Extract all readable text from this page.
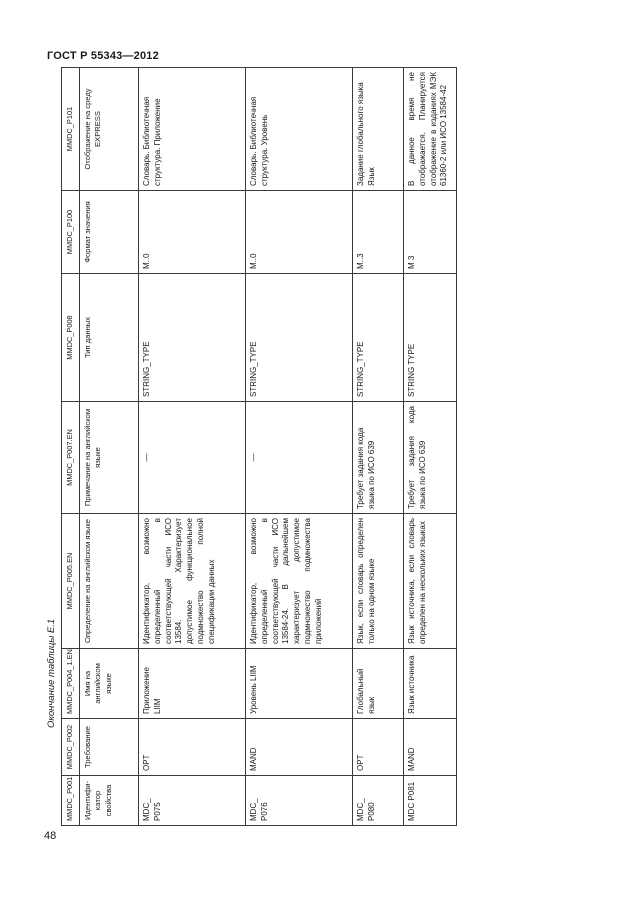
ГОСТ Р 55343—2012
Окончание таблицы Е.1
MMDC_P001	MMDC_P002	MMDC_P004_1.EN	MMDC_P005.EN	MMDC_P007.EN	MMDC_P008	MMDC_P100	MMDC_P101
Идентифи-катор свойства	Требование	Имя на английском языке	Определение на английском языке	Примечание на английском языке	Тип данных	Формат значения	Отображение на среду EXPRESS
MDC_ P075	OPT	Приложение LIIM	Идентификатор, возможно определенный в соответствующей части ИСО 13584. Характеризует допустимое функциональное подмножество полной спецификации данных	—	STRING_TYPE	M..0	Словарь. Библиотечная структура. Приложение
MDC_ P076	MAND	Уровень LIIM	Идентификатор, возможно определенный в соответствующей части ИСО 13584-24. В дальнейшем характеризует допустимое подмножество подмножества приложений	—	STRING_TYPE	M..0	Словарь. Библиотечная структура. Уровень
MDC_ P080	OPT	Глобальный язык	Язык, если словарь определен только на одном языке	Требует задания кода языка по ИСО 639	STRING_TYPE	M..3	Задание глобального языка Язык
MDC P081	MAND	Язык источника	Язык источника, если словарь определен на нескольких языках	Требует задания кода языка по ИСО 639	STRING TYPE	M 3	В данное время не отображается. Планируется отображение в изданиях МЭК 61360-2 или ИСО 13584-42
48
